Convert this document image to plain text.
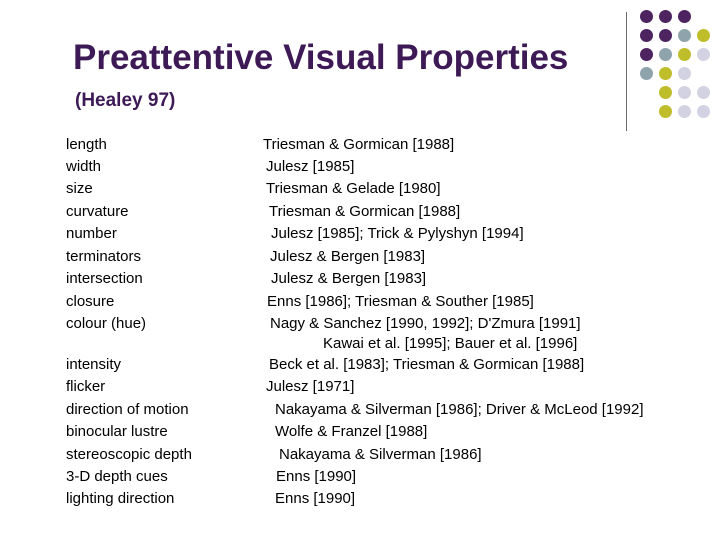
Preattentive Visual Properties
(Healey 97)
length	Triesman & Gormican [1988]
width	Julesz [1985]
size	Triesman & Gelade [1980]
curvature	Triesman & Gormican [1988]
number	Julesz [1985]; Trick & Pylyshyn [1994]
terminators	Julesz & Bergen [1983]
intersection	Julesz & Bergen [1983]
closure	Enns [1986]; Triesman & Souther [1985]
colour (hue)	Nagy & Sanchez [1990, 1992]; D'Zmura [1991]
Kawai et al. [1995]; Bauer et al. [1996]
intensity	Beck et al. [1983]; Triesman & Gormican [1988]
flicker	Julesz [1971]
direction of motion	Nakayama & Silverman [1986]; Driver & McLeod [1992]
binocular lustre	Wolfe & Franzel [1988]
stereoscopic depth	Nakayama & Silverman [1986]
3-D depth cues	Enns [1990]
lighting direction	Enns [1990]
